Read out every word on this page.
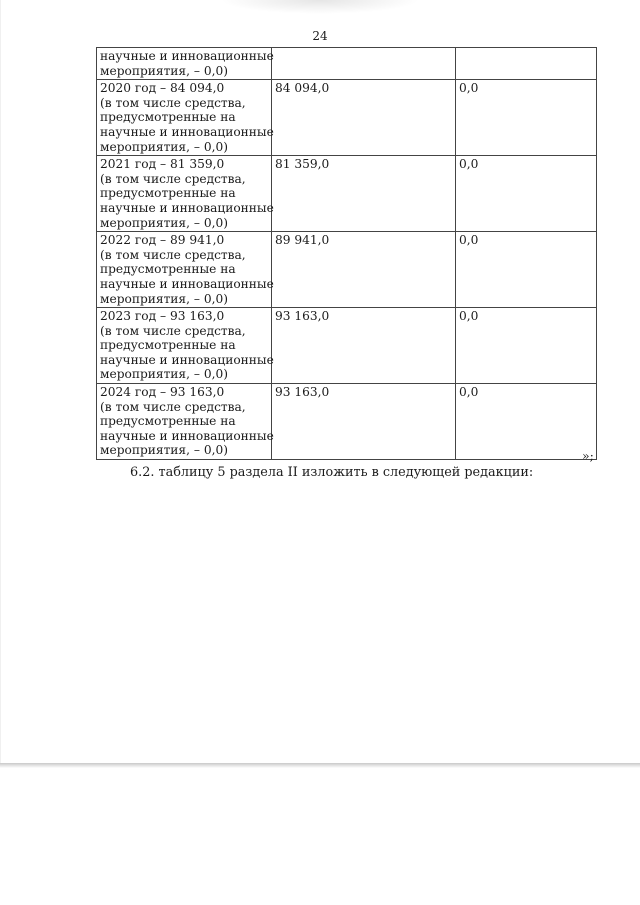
24
научные и инновационные
мероприятия, – 0,0)		

2020 год – 84 094,0
(в том числе средства,
предусмотренные на
научные и инновационные
мероприятия, – 0,0)	84 094,0	0,0

2021 год – 81 359,0
(в том числе средства,
предусмотренные на
научные и инновационные
мероприятия, – 0,0)	81 359,0	0,0

2022 год – 89 941,0
(в том числе средства,
предусмотренные на
научные и инновационные
мероприятия, – 0,0)	89 941,0	0,0

2023 год – 93 163,0
(в том числе средства,
предусмотренные на
научные и инновационные
мероприятия, – 0,0)	93 163,0	0,0

2024 год – 93 163,0
(в том числе средства,
предусмотренные на
научные и инновационные
мероприятия, – 0,0)	93 163,0	0,0
»;
6.2. таблицу 5 раздела II изложить в следующей редакции:
